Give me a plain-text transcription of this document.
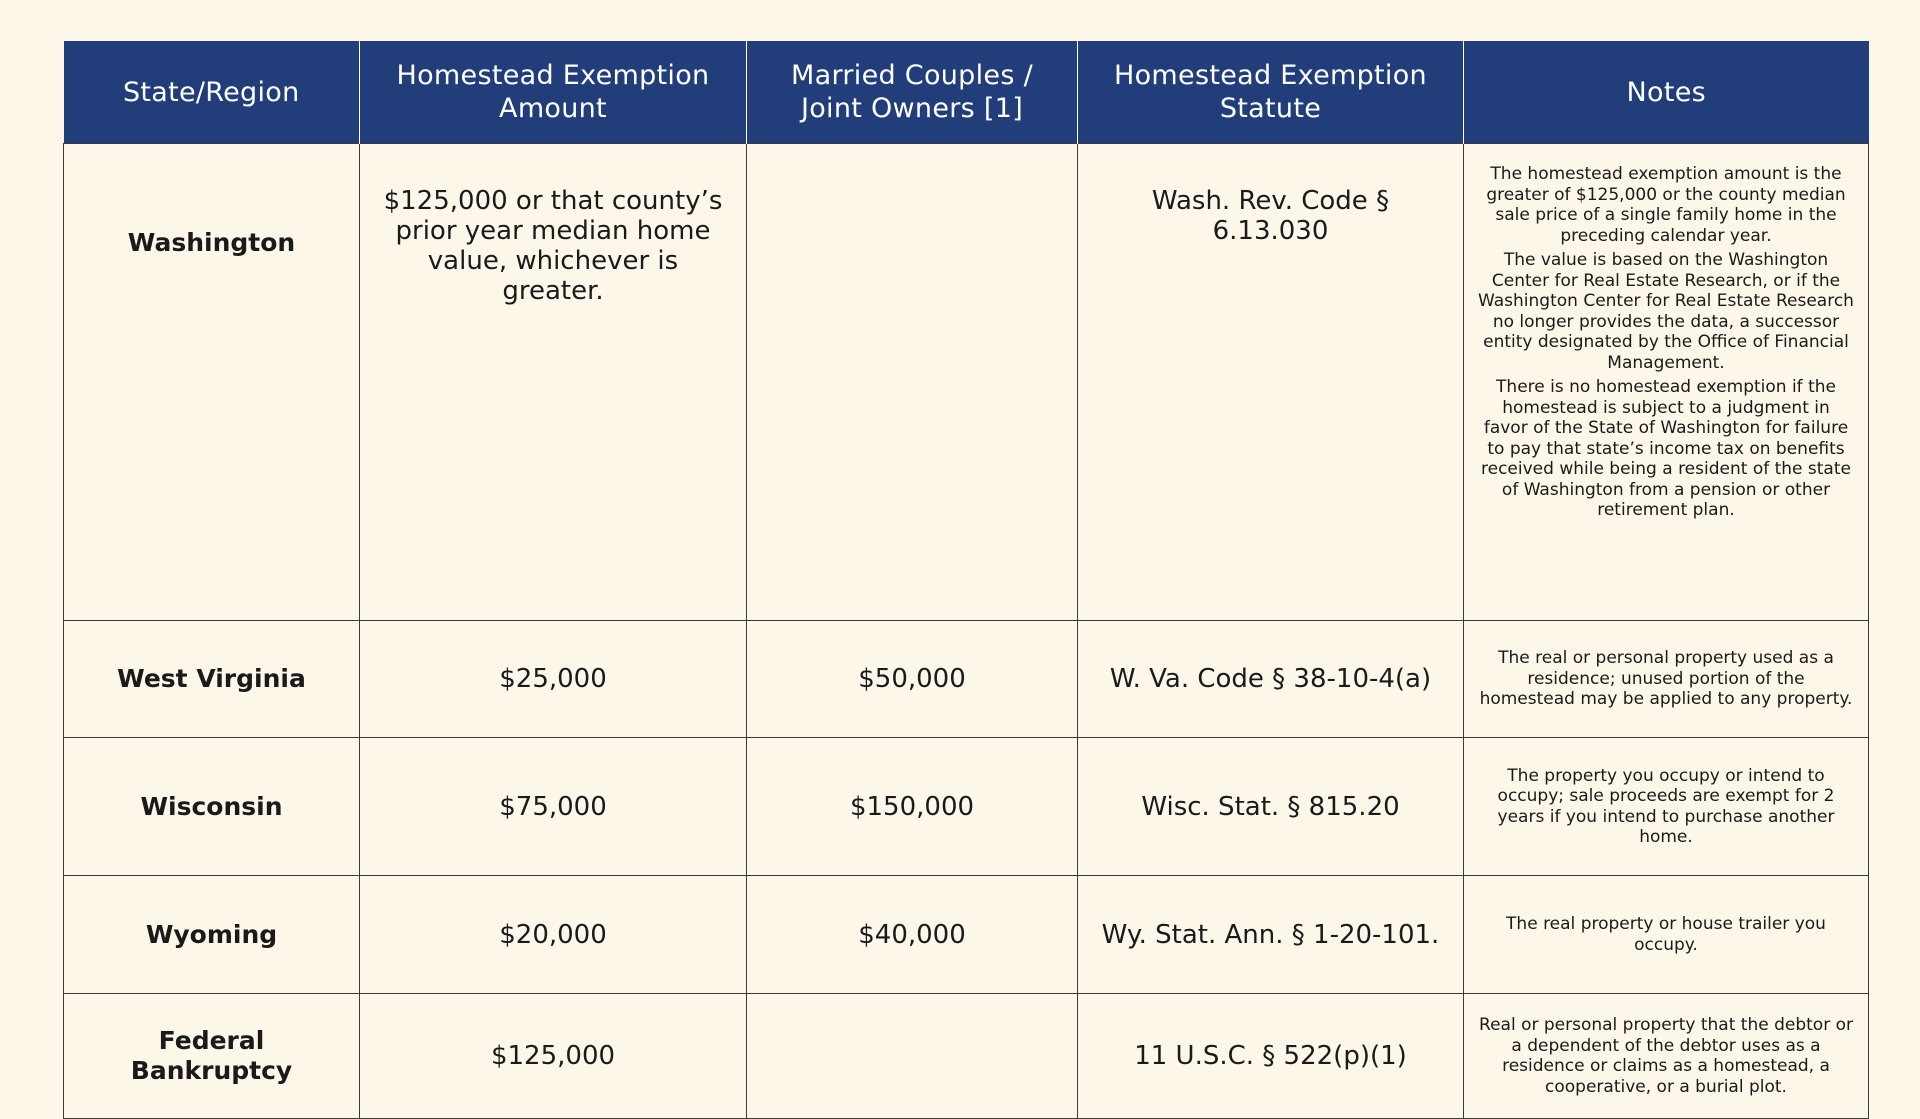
State/Region	Homestead Exemption Amount	Married Couples / Joint Owners [1]	Homestead Exemption Statute	Notes
Washington	$125,000 or that county’s prior year median home value, whichever is greater.		Wash. Rev. Code § 6.13.030	The homestead exemption amount is the greater of $125,000 or the county median sale price of a single family home in the preceding calendar year.

The value is based on the Washington Center for Real Estate Research, or if the Washington Center for Real Estate Research no longer provides the data, a successor entity designated by the Office of Financial Management.

There is no homestead exemption if the homestead is subject to a judgment in favor of the State of Washington for failure to pay that state’s income tax on benefits received while being a resident of the state of Washington from a pension or other retirement plan.

West Virginia	$25,000	$50,000	W. Va. Code § 38-10-4(a)	The real or personal property used as a residence; unused portion of the homestead may be applied to any property.

Wisconsin	$75,000	$150,000	Wisc. Stat. § 815.20	The property you occupy or intend to occupy; sale proceeds are exempt for 2 years if you intend to purchase another home.

Wyoming	$20,000	$40,000	Wy. Stat. Ann. § 1-20-101.	The real property or house trailer you occupy.

Federal Bankruptcy	$125,000		11 U.S.C. § 522(p)(1)	Real or personal property that the debtor or a dependent of the debtor uses as a residence or claims as a homestead, a cooperative, or a burial plot.
